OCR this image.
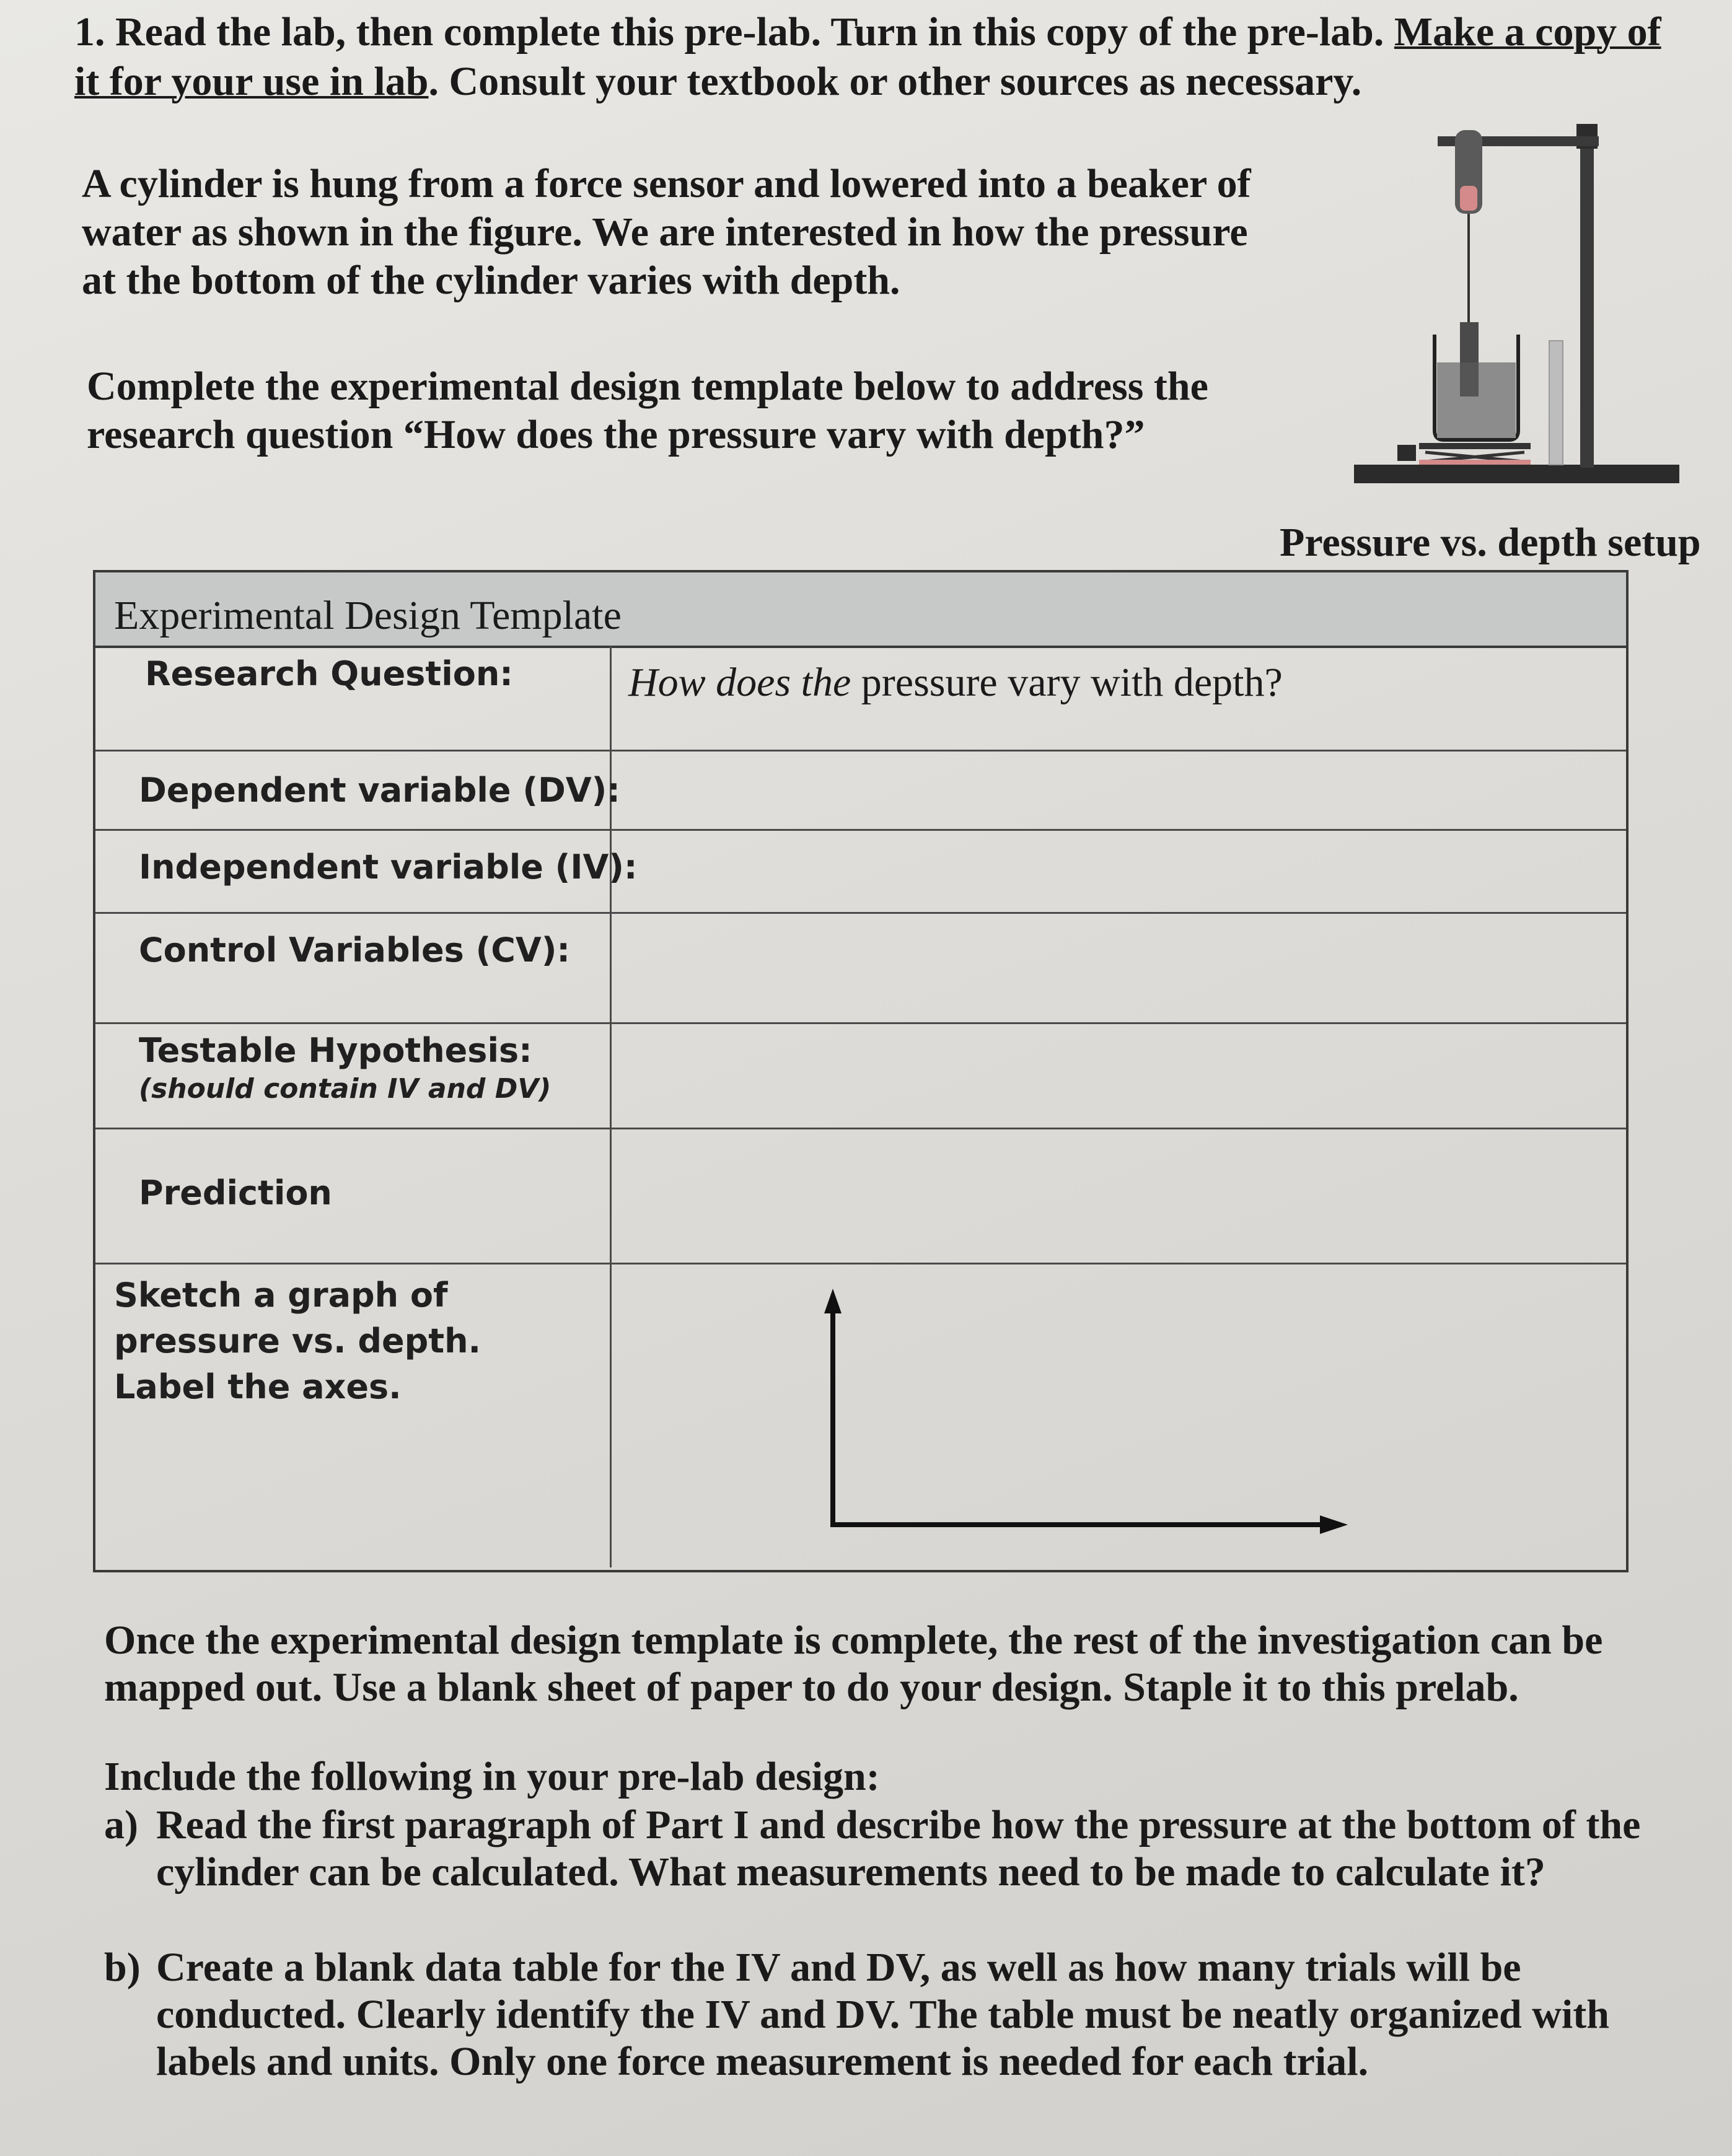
1. Read the lab, then complete this pre-lab. Turn in this copy of the pre-lab. Make a copy of it for your use in lab. Consult your textbook or other sources as necessary.
A cylinder is hung from a force sensor and lowered into a beaker of water as shown in the figure. We are interested in how the pressure at the bottom of the cylinder varies with depth.
Complete the experimental design template below to address the research question “How does the pressure vary with depth?”
Pressure vs. depth setup
Experimental Design Template
Research Question:
Dependent variable (DV):
Independent variable (IV):
Control Variables (CV):
Testable Hypothesis:
(should contain IV and DV)
Prediction
Sketch a graph of pressure vs. depth. Label the axes.
How does the pressure vary with depth?
Once the experimental design template is complete, the rest of the investigation can be mapped out. Use a blank sheet of paper to do your design. Staple it to this prelab.
Include the following in your pre-lab design:
a) Read the first paragraph of Part I and describe how the pressure at the bottom of the cylinder can be calculated. What measurements need to be made to calculate it?
b) Create a blank data table for the IV and DV, as well as how many trials will be conducted. Clearly identify the IV and DV. The table must be neatly organized with labels and units. Only one force measurement is needed for each trial.
